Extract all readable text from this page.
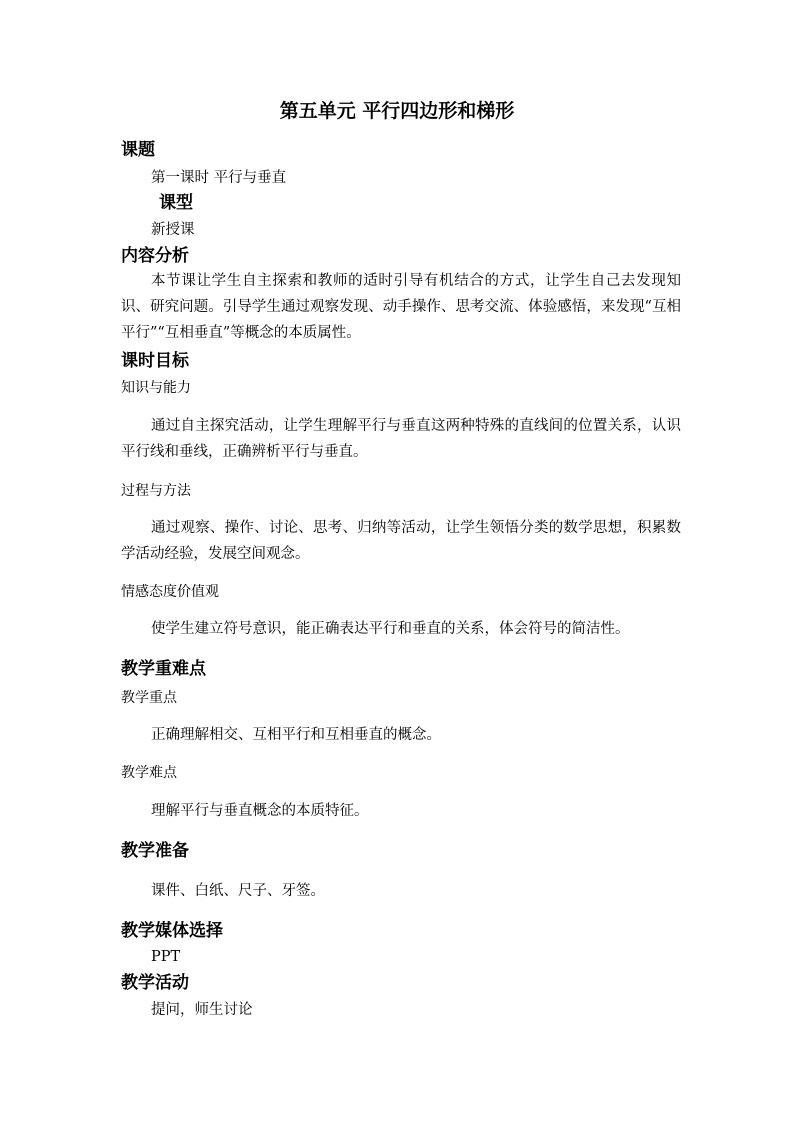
第五单元 平行四边形和梯形
课题
第一课时 平行与垂直
课型
新授课
内容分析
本节课让学生自主探索和教师的适时引导有机结合的方式，让学生自己去发现知识、研究问题。引导学生通过观察发现、动手操作、思考交流、体验感悟，来发现“互相平行”“互相垂直”等概念的本质属性。
课时目标
知识与能力
通过自主探究活动，让学生理解平行与垂直这两种特殊的直线间的位置关系，认识平行线和垂线，正确辨析平行与垂直。
过程与方法
通过观察、操作、讨论、思考、归纳等活动，让学生领悟分类的数学思想，积累数学活动经验，发展空间观念。
情感态度价值观
使学生建立符号意识，能正确表达平行和垂直的关系，体会符号的简洁性。
教学重难点
教学重点
正确理解相交、互相平行和互相垂直的概念。
教学难点
理解平行与垂直概念的本质特征。
教学准备
课件、白纸、尺子、牙签。
教学媒体选择
PPT
教学活动
提问，师生讨论
